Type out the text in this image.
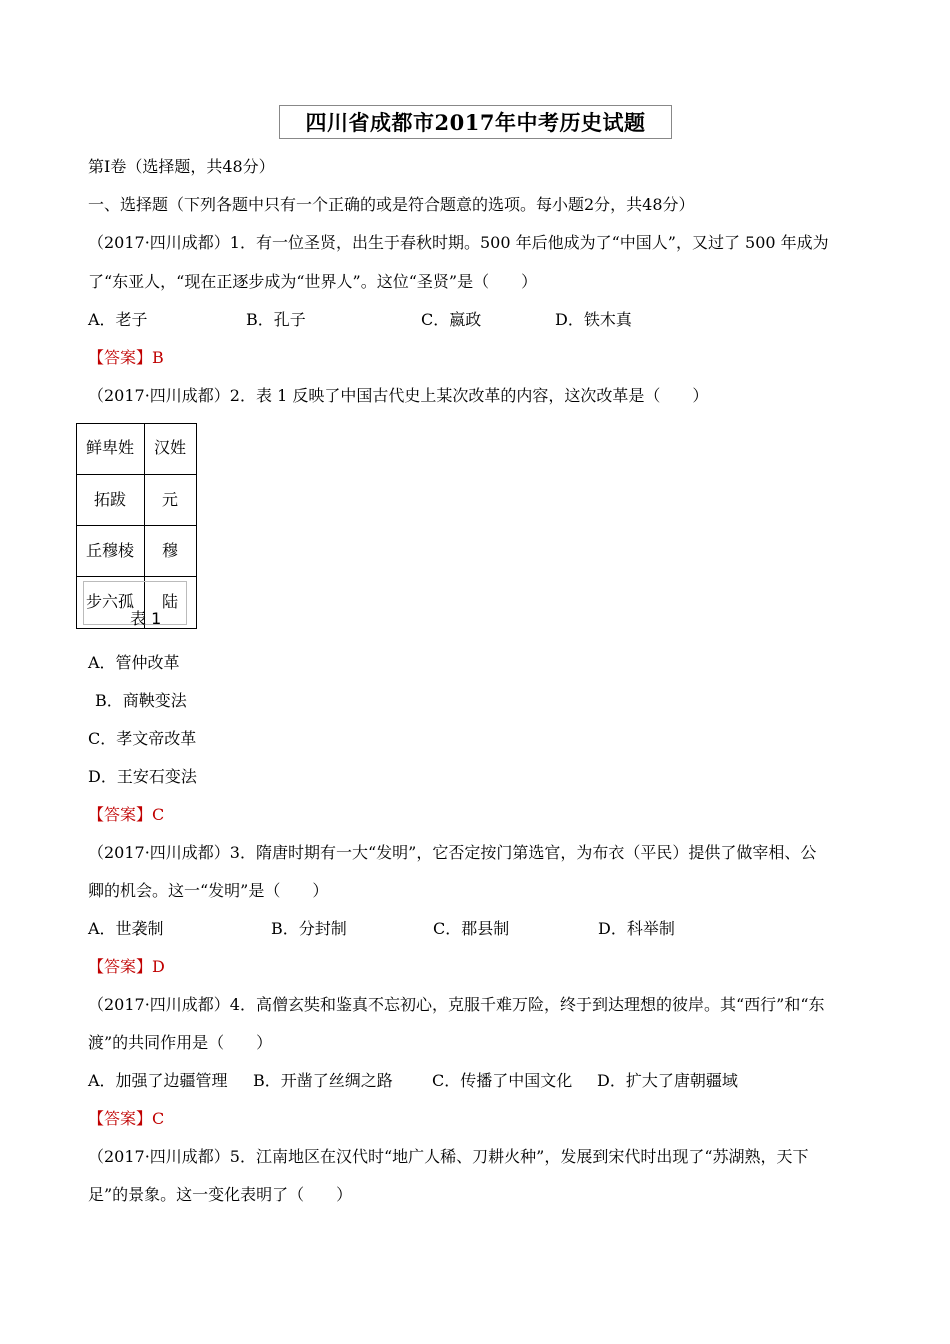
四川省成都市2017年中考历史试题
第I卷（选择题，共48分）
一、选择题（下列各题中只有一个正确的或是符合题意的选项。每小题2分，共48分）
（2017·四川成都）1．有一位圣贤，出生于春秋时期。500 年后他成为了“中国人”，又过了 500 年成为
了“东亚人，“现在正逐步成为“世界人”。这位“圣贤”是（　　）
A．老子	B．孔子	C．嬴政	D．铁木真
【答案】B
（2017·四川成都）2．表 1 反映了中国古代史上某次改革的内容，这次改革是（　　）
鲜卑姓 汉姓
拓跋 元
丘穆棱 穆
步六孤 陆
表 1
A．管仲改革
B．商鞅变法
C．孝文帝改革
D．王安石变法
【答案】C
（2017·四川成都）3．隋唐时期有一大“发明”，它否定按门第选官，为布衣（平民）提供了做宰相、公
卿的机会。这一“发明”是（　　）
A．世袭制	B．分封制	C．郡县制	D．科举制
【答案】D
（2017·四川成都）4．高僧玄奘和鉴真不忘初心，克服千难万险，终于到达理想的彼岸。其“西行”和“东
渡”的共同作用是（　　）
A．加强了边疆管理 B．开凿了丝绸之路 C．传播了中国文化 D．扩大了唐朝疆域
【答案】C
（2017·四川成都）5．江南地区在汉代时“地广人稀、刀耕火种”，发展到宋代时出现了“苏湖熟，天下
足”的景象。这一变化表明了（　　）
